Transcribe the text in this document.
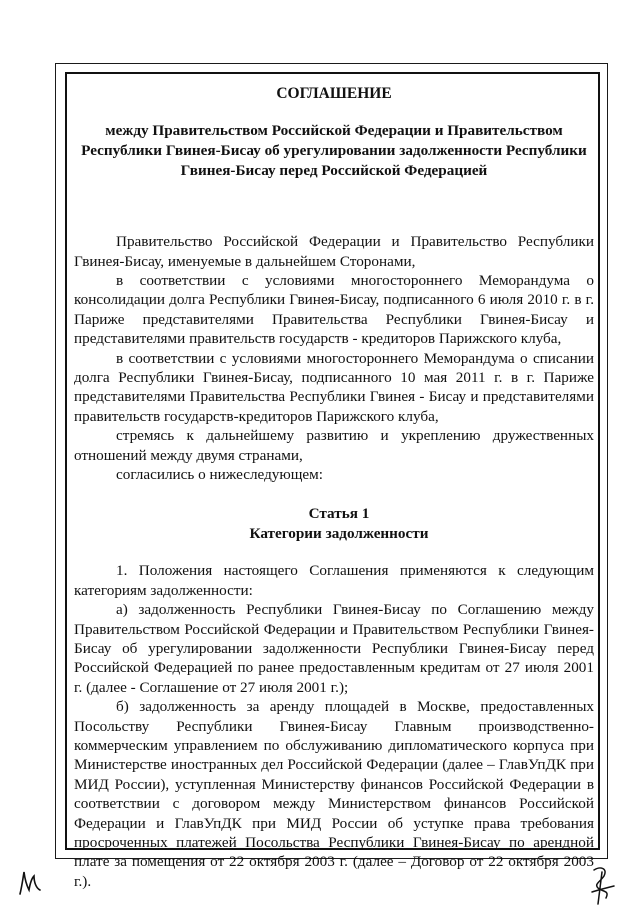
СОГЛАШЕНИЕ

между Правительством Российской Федерации и Правительством Республики Гвинея-Бисау об урегулировании задолженности Республики Гвинея-Бисау перед Российской Федерацией

Правительство Российской Федерации и Правительство Республики Гвинея-Бисау, именуемые в дальнейшем Сторонами,

в соответствии с условиями многостороннего Меморандума о консолидации долга Республики Гвинея-Бисау, подписанного 6 июля 2010 г. в г. Париже представителями Правительства Республики Гвинея-Бисау и представителями правительств государств - кредиторов Парижского клуба,

в соответствии с условиями многостороннего Меморандума о списании долга Республики Гвинея-Бисау, подписанного 10 мая 2011 г. в г. Париже представителями Правительства Республики Гвинея - Бисау и представителями правительств государств-кредиторов Парижского клуба,

стремясь к дальнейшему развитию и укреплению дружественных отношений между двумя странами,

согласились о нижеследующем:

Статья 1

Категории задолженности

1. Положения настоящего Соглашения применяются к следующим категориям задолженности:

а) задолженность Республики Гвинея-Бисау по Соглашению между Правительством Российской Федерации и Правительством Республики Гвинея-Бисау об урегулировании задолженности Республики Гвинея-Бисау перед Российской Федерацией по ранее предоставленным кредитам от 27 июля 2001 г. (далее - Соглашение от 27 июля 2001 г.);

б) задолженность за аренду площадей в Москве, предоставленных Посольству Республики Гвинея-Бисау Главным производственно-коммерческим управлением по обслуживанию дипломатического корпуса при Министерстве иностранных дел Российской Федерации (далее – ГлавУпДК при МИД России), уступленная Министерству финансов Российской Федерации в соответствии с договором между Министерством финансов Российской Федерации и ГлавУпДК при МИД России об уступке права требования просроченных платежей Посольства Республики Гвинея-Бисау по арендной плате за помещения от 22 октября 2003 г. (далее – Договор от 22 октября 2003 г.).
